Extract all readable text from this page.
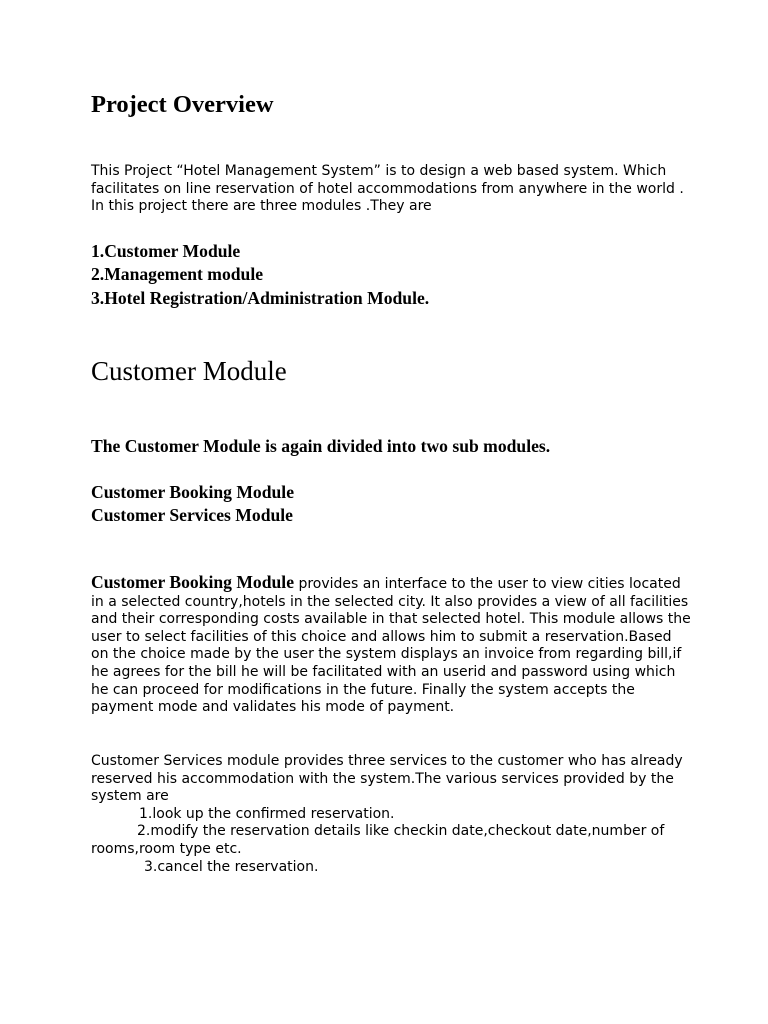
Project Overview

This Project “Hotel Management System” is to design a web based system. Which facilitates on line reservation of hotel accommodations from anywhere in the world . In this project there are three modules .They are

1.Customer Module
2.Management module
3.Hotel Registration/Administration Module.
Customer Module

The Customer Module is again divided into two sub modules.

Customer Booking Module
Customer Services Module

Customer Booking Module provides an interface to the user to view cities located in a selected country,hotels in the selected city. It also provides a view of all facilities and their corresponding costs available in that selected hotel. This module allows the user to select facilities of this choice and allows him to submit a reservation.Based on the choice made by the user the system displays an invoice from regarding bill,if he agrees for the bill he will be facilitated with an userid and password using which he can proceed for modifications in the future. Finally the system accepts the payment mode and validates his mode of payment.

Customer Services module provides three services to the customer who has already reserved his accommodation with the system.The various services provided by the system are
1.look up the confirmed reservation.
2.modify the reservation details like checkin date,checkout date,number of rooms,room type etc.
3.cancel the reservation.
